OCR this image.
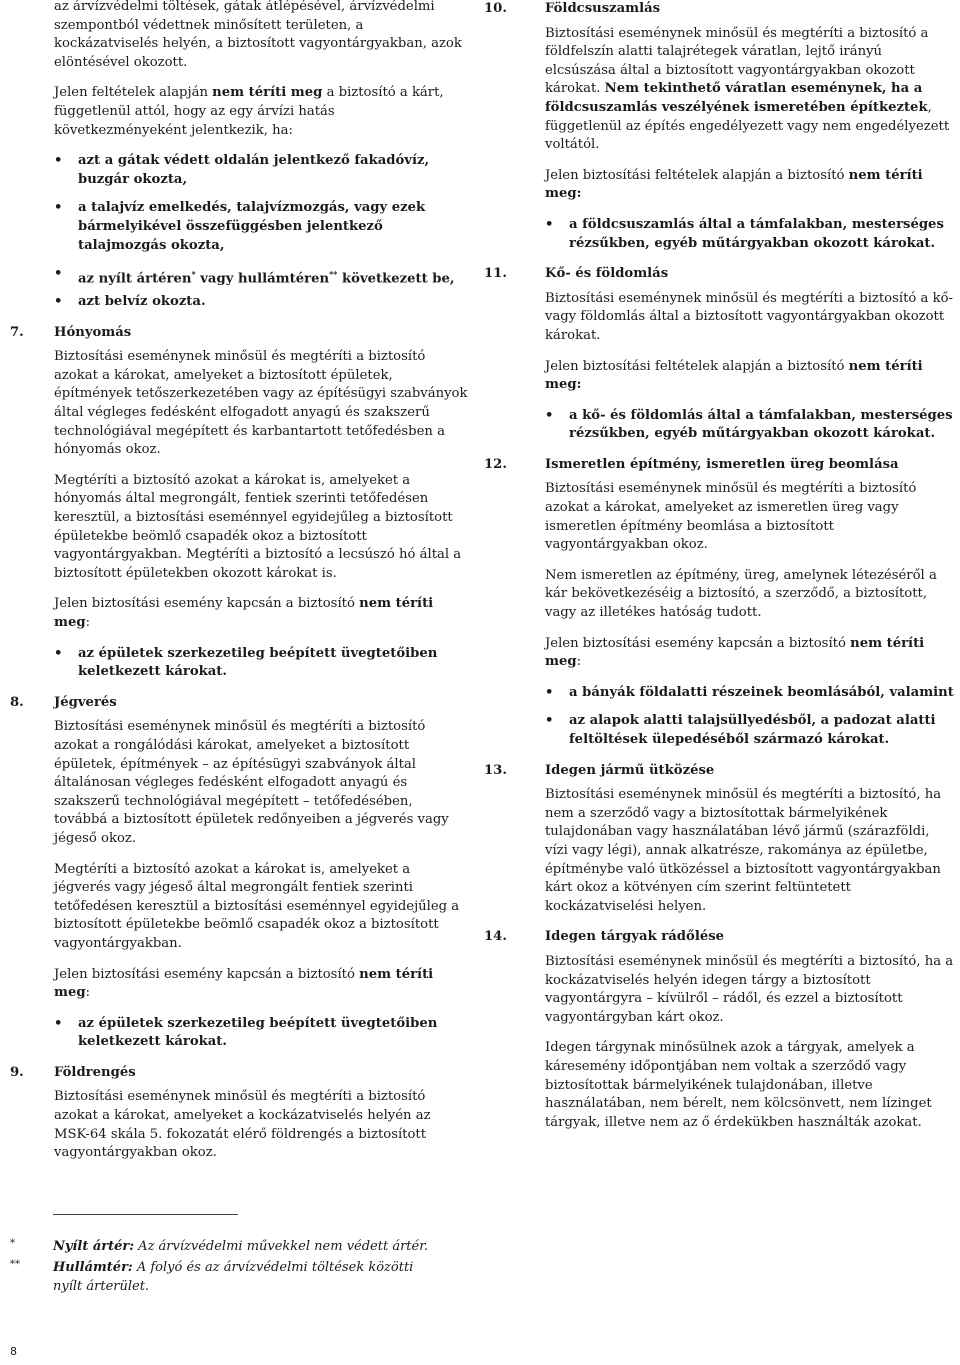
az árvízvédelmi töltések, gátak átlépésével, árvízvédelmi szempontból védettnek minősített területen, a kockázatviselés helyén, a biztosított vagyontárgyakban, azok elöntésével okozott.

Jelen feltételek alapján nem téríti meg a biztosító a kárt, függetlenül attól, hogy az egy árvízi hatás következményeként jelentkezik, ha:

• azt a gátak védett oldalán jelentkező fakadóvíz, buzgár okozta,
• a talajvíz emelkedés, talajvízmozgás, vagy ezek bármelyikével összefüggésben jelentkező talajmozgás okozta,
• az nyílt ártéren* vagy hullámtéren** következett be,
• azt belvíz okozta.
7.	Hónyomás

Biztosítási eseménynek minősül és megtéríti a biztosító azokat a károkat, amelyeket a biztosított épületek, építmények tetőszerkezetében vagy az építésügyi szabványok által végleges fedésként elfogadott anyagú és szakszerű technológiával megépített és karbantartott tetőfedésben a hónyomás okoz.

Megtéríti a biztosító azokat a károkat is, amelyeket a hónyomás által megrongált, fentiek szerinti tetőfedésen keresztül, a biztosítási eseménnyel egyidejűleg a biztosított épületekbe beömlő csapadék okoz a biztosított vagyontárgyakban. Megtéríti a biztosító a lecsúszó hó által a biztosított épületekben okozott károkat is.

Jelen biztosítási esemény kapcsán a biztosító nem téríti meg:

• az épületek szerkezetileg beépített üvegtetőiben keletkezett károkat.
8.	Jégverés

Biztosítási eseménynek minősül és megtéríti a biztosító azokat a rongálódási károkat, amelyeket a biztosított épületek, építmények – az építésügyi szabványok által általánosan végleges fedésként elfogadott anyagú és szakszerű technológiával megépített – tetőfedésében, továbbá a biztosított épületek redőnyeiben a jégverés vagy jégeső okoz.

Megtéríti a biztosító azokat a károkat is, amelyeket a jégverés vagy jégeső által megrongált fentiek szerinti tetőfedésen keresztül a biztosítási eseménnyel egyidejűleg a biztosított épületekbe beömlő csapadék okoz a biztosított vagyontárgyakban.

Jelen biztosítási esemény kapcsán a biztosító nem téríti meg:

• az épületek szerkezetileg beépített üvegtetőiben keletkezett károkat.
9.	Földrengés

Biztosítási eseménynek minősül és megtéríti a biztosító azokat a károkat, amelyeket a kockázatviselés helyén az MSK-64 skála 5. fokozatát elérő földrengés a biztosított vagyontárgyakban okoz.

10.	Földcsuszamlás

Biztosítási eseménynek minősül és megtéríti a biztosító a földfelszín alatti talajrétegek váratlan, lejtő irányú elcsúszása által a biztosított vagyontárgyakban okozott károkat. Nem tekinthető váratlan eseménynek, ha a földcsuszamlás veszélyének ismeretében építkeztek, függetlenül az építés engedélyezett vagy nem engedélyezett voltától.

Jelen biztosítási feltételek alapján a biztosító nem téríti meg:

• a földcsuszamlás által a támfalakban, mesterséges rézsűkben, egyéb műtárgyakban okozott károkat.
11.	Kő- és földomlás

Biztosítási eseménynek minősül és megtéríti a biztosító a kő- vagy földomlás által a biztosított vagyontárgyakban okozott károkat.

Jelen biztosítási feltételek alapján a biztosító nem téríti meg:

• a kő- és földomlás által a támfalakban, mesterséges rézsűkben, egyéb műtárgyakban okozott károkat.
12.	Ismeretlen építmény, ismeretlen üreg beomlása

Biztosítási eseménynek minősül és megtéríti a biztosító azokat a károkat, amelyeket az ismeretlen üreg vagy ismeretlen építmény beomlása a biztosított vagyontárgyakban okoz.

Nem ismeretlen az építmény, üreg, amelynek létezéséről a kár bekövetkezéséig a biztosító, a szerződő, a biztosított, vagy az illetékes hatóság tudott.

Jelen biztosítási esemény kapcsán a biztosító nem téríti meg:

• a bányák földalatti részeinek beomlásából, valamint
• az alapok alatti talajsüllyedésből, a padozat alatti feltöltések ülepedéséből származó károkat.
13.	Idegen jármű ütközése

Biztosítási eseménynek minősül és megtéríti a biztosító, ha nem a szerződő vagy a biztosítottak bármelyikének tulajdonában vagy használatában lévő jármű (szárazföldi, vízi vagy légi), annak alkatrésze, rakománya az épületbe, építménybe való ütközéssel a biztosított vagyontárgyakban kárt okoz a kötvényen cím szerint feltüntetett kockázatviselési helyen.

14.	Idegen tárgyak rádőlése

Biztosítási eseménynek minősül és megtéríti a biztosító, ha a kockázatviselés helyén idegen tárgy a biztosított vagyontárgyra – kívülről – rádől, és ezzel a biztosított vagyontárgyban kárt okoz.

Idegen tárgynak minősülnek azok a tárgyak, amelyek a káresemény időpontjában nem voltak a szerződő vagy biztosítottak bármelyikének tulajdonában, illetve használatában, nem bérelt, nem kölcsönvett, nem lízinget tárgyak, illetve nem az ő érdekükben használták azokat.

*	Nyílt ártér: Az árvízvédelmi művekkel nem védett ártér.
**	Hullámtér: A folyó és az árvízvédelmi töltések közötti nyílt árterület.
8
